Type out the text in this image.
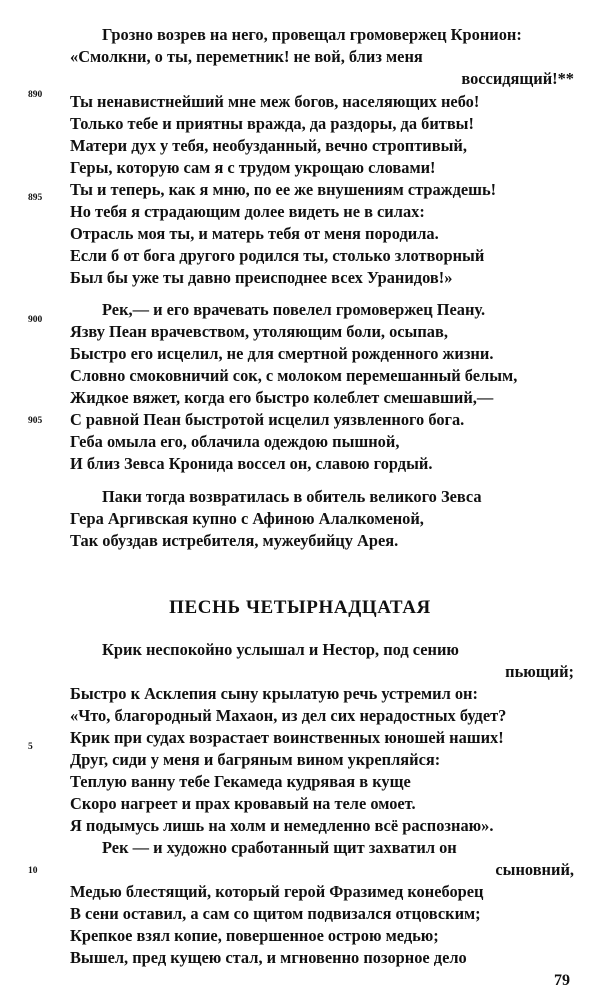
Грозно возрев на него, провещал громовержец Кронион:
«Смолкни, о ты, переметник! не вой, близ меня
воссидящий!**
890 Ты ненавистнейший мне меж богов, населяющих небо!
Только тебе и приятны вражда, да раздоры, да битвы!
Матери дух у тебя, необузданный, вечно строптивый,
Геры, которую сам я с трудом укрощаю словами!
Ты и теперь, как я мню, по ее же внушениям страждешь!
895
Но тебя я страдающим долее видеть не в силах:
Отрасль моя ты, и матерь тебя от меня породила.
Если б от бога другого родился ты, столько злотворный
Был бы уже ты давно преисподнее всех Уранидов!»
Рек,— и его врачевать повелел громовержец Пеану.
900
Язву Пеан врачевством, утоляющим боли, осыпав,
Быстро его исцелил, не для смертной рожденного жизни.
Словно смоковничий сок, с молоком перемешанный белым,
Жидкое вяжет, когда его быстро колеблет смешавший,—
С равной Пеан быстротой исцелил уязвленного бога.
905
Геба омыла его, облачила одеждою пышной,
И близ Зевса Кронида воссел он, славою гордый.
Паки тогда возвратилась в обитель великого Зевса
Гера Аргивская купно с Афиною Алалкоменой,
Так обуздав истребителя, мужеубийцу Арея.
ПЕСНЬ ЧЕТЫРНАДЦАТАЯ
Крик неспокойно услышал и Нестор, под сению
пьющий;
Быстро к Асклепия сыну крылатую речь устремил он:
«Что, благородный Махаон, из дел сих нерадостных будет?
Крик при судах возрастает воинственных юношей наших!
5
Друг, сиди у меня и багряным вином укрепляйся:
Теплую ванну тебе Гекамеда кудрявая в куще
Скоро нагреет и прах кровавый на теле омоет.
Я подымусь лишь на холм и немедленно всё распознаю».
Рек — и художно сработанный щит захватил он
сыновний,
10
Медью блестящий, который герой Фразимед конеборец
В сени оставил, а сам со щитом подвизался отцовским;
Крепкое взял копие, повершенное острою медью;
Вышел, пред кущею стал, и мгновенно позорное дело
79
